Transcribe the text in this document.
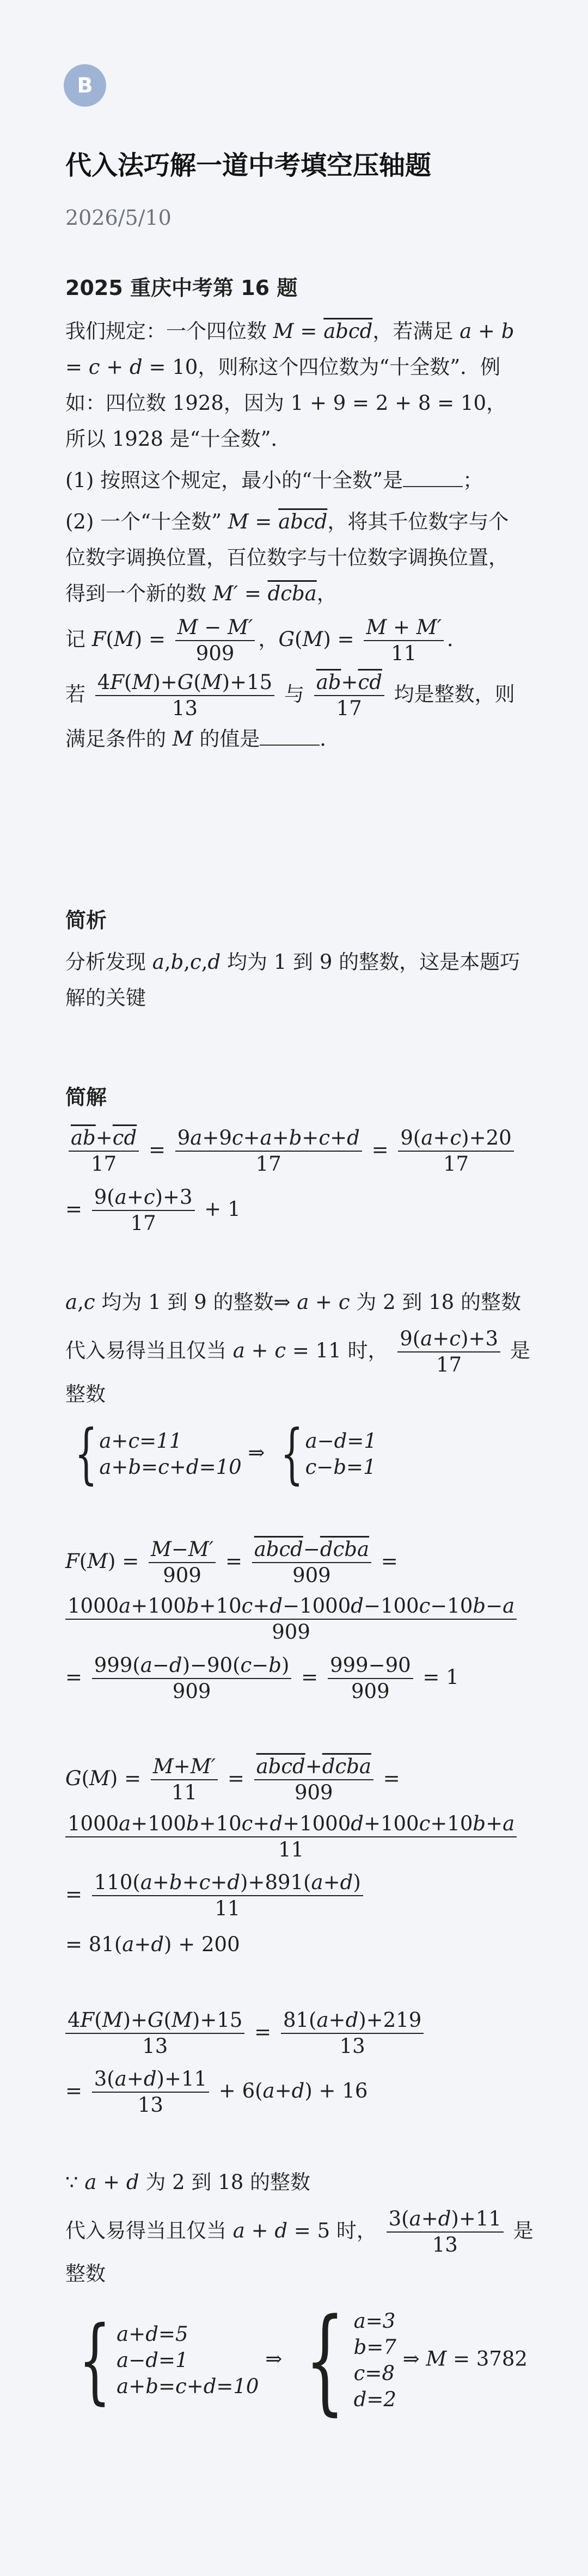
B
代入法巧解一道中考填空压轴题
2026/5/10

2025 重庆中考第 16 题

我们规定：一个四位数 M = abcd，若满足 a + b = c + d = 10，则称这个四位数为“十全数”．例如：四位数 1928，因为 1 + 9 = 2 + 8 = 10，所以 1928 是“十全数”．

(1) 按照这个规定，最小的“十全数”是	；

(2) 一个“十全数” M = abcd，将其千位数字与个位数字调换位置，百位数字与十位数字调换位置，得到一个新的数 M′ = dcba，

记 $F(M) = \frac{M - M'}{909}$ ，$G(M) = \frac{M + M'}{11}$ ．

若 $\frac{4F(M)+G(M)+15}{13}$ 与 $\frac{\overline{ab}+\overline{cd}}{17}$ 均是整数，则满足条件的 M 的值是	．

简析
分析发现 a,b,c,d 均为 1 到 9 的整数，这是本题巧解的关键
简解
$\frac{\overline{ab}+\overline{cd}}{17} = \frac{9a+9c+a+b+c+d}{17} = \frac{9(a+c)+20}{17}$
= $\frac{9(a+c)+3}{17} + 1$
a,c 均为 1 到 9 的整数⇒ a + c 为 2 到 18 的整数
代入易得当且仅当 a + c = 11 时， $\frac{9(a+c)+3}{17}$ 是整数
{ a+c=11
a+b=c+d=10
⇒ { a−d=1
c−b=1
$F(M) = \frac{M-M'}{909} = \frac{\text{abcd−dcba}}{909}$ =
$\frac{1000a+100b+10c+d-1000d-100c-10b-a}{909}$
= $\frac{999(a-d)-90(c-b)}{909} = \frac{999-90}{909} = 1$
$G(M) = \frac{M+M'}{11} = \frac{\text{abcd+dcba}}{909}$ =
$\frac{1000a+100b+10c+d+1000d+100c+10b+a}{11}$
= $\frac{110(a+b+c+d)+891(a+d)}{11}$
= 81(a+d) + 200
$\frac{4F(M)+G(M)+15}{13} = \frac{81(a+d)+219}{13}$
= $\frac{3(a+d)+11}{13} + 6(a+d) + 16$
∵ a + d 为 2 到 18 的整数
代入易得当且仅当 a + d = 5 时， $\frac{3(a+d)+11}{13}$ 是整数
{ a+d=5
a−d=1
a+b=c+d=10
⇒ { a=3
b=7
c=8
d=2
⇒ M = 3782
